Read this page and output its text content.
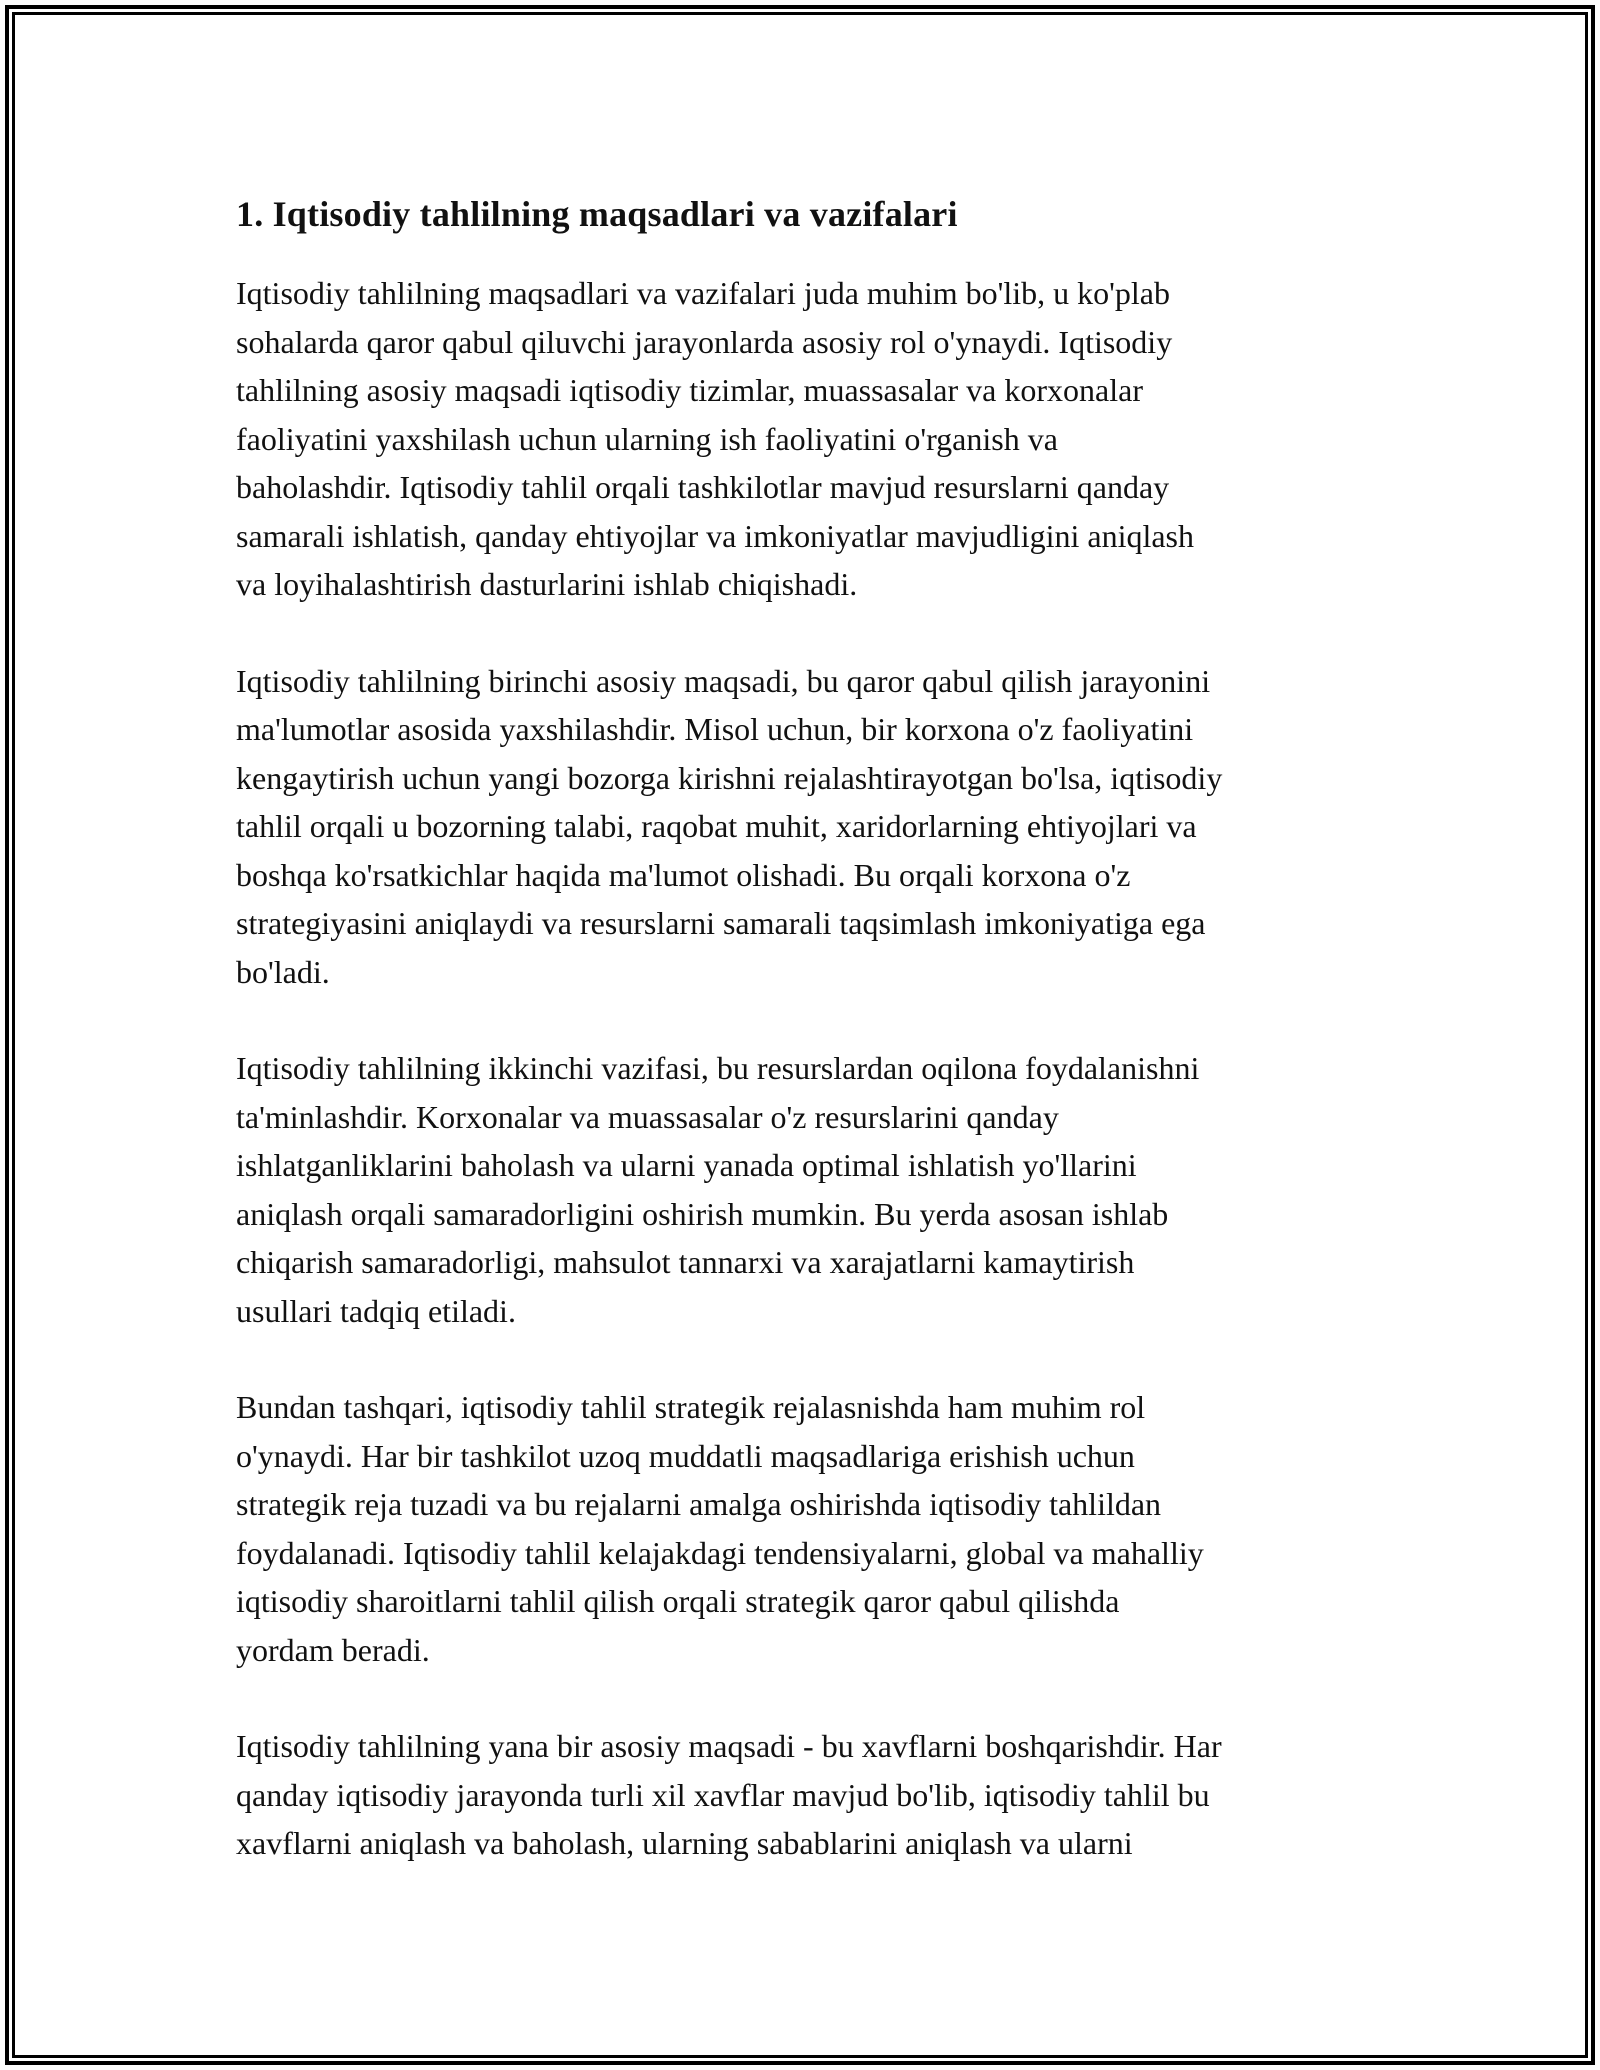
1. Iqtisodiy tahlilning maqsadlari va vazifalari

Iqtisodiy tahlilning maqsadlari va vazifalari juda muhim bo'lib, u ko'plab
sohalarda qaror qabul qiluvchi jarayonlarda asosiy rol o'ynaydi. Iqtisodiy
tahlilning asosiy maqsadi iqtisodiy tizimlar, muassasalar va korxonalar
faoliyatini yaxshilash uchun ularning ish faoliyatini o'rganish va
baholashdir. Iqtisodiy tahlil orqali tashkilotlar mavjud resurslarni qanday
samarali ishlatish, qanday ehtiyojlar va imkoniyatlar mavjudligini aniqlash
va loyihalashtirish dasturlarini ishlab chiqishadi.

Iqtisodiy tahlilning birinchi asosiy maqsadi, bu qaror qabul qilish jarayonini
ma'lumotlar asosida yaxshilashdir. Misol uchun, bir korxona o'z faoliyatini
kengaytirish uchun yangi bozorga kirishni rejalashtirayotgan bo'lsa, iqtisodiy
tahlil orqali u bozorning talabi, raqobat muhit, xaridorlarning ehtiyojlari va
boshqa ko'rsatkichlar haqida ma'lumot olishadi. Bu orqali korxona o'z
strategiyasini aniqlaydi va resurslarni samarali taqsimlash imkoniyatiga ega
bo'ladi.

Iqtisodiy tahlilning ikkinchi vazifasi, bu resurslardan oqilona foydalanishni
ta'minlashdir. Korxonalar va muassasalar o'z resurslarini qanday
ishlatganliklarini baholash va ularni yanada optimal ishlatish yo'llarini
aniqlash orqali samaradorligini oshirish mumkin. Bu yerda asosan ishlab
chiqarish samaradorligi, mahsulot tannarxi va xarajatlarni kamaytirish
usullari tadqiq etiladi.

Bundan tashqari, iqtisodiy tahlil strategik rejalasnishda ham muhim rol
o'ynaydi. Har bir tashkilot uzoq muddatli maqsadlariga erishish uchun
strategik reja tuzadi va bu rejalarni amalga oshirishda iqtisodiy tahlildan
foydalanadi. Iqtisodiy tahlil kelajakdagi tendensiyalarni, global va mahalliy
iqtisodiy sharoitlarni tahlil qilish orqali strategik qaror qabul qilishda
yordam beradi.

Iqtisodiy tahlilning yana bir asosiy maqsadi - bu xavflarni boshqarishdir. Har
qanday iqtisodiy jarayonda turli xil xavflar mavjud bo'lib, iqtisodiy tahlil bu
xavflarni aniqlash va baholash, ularning sabablarini aniqlash va ularni
